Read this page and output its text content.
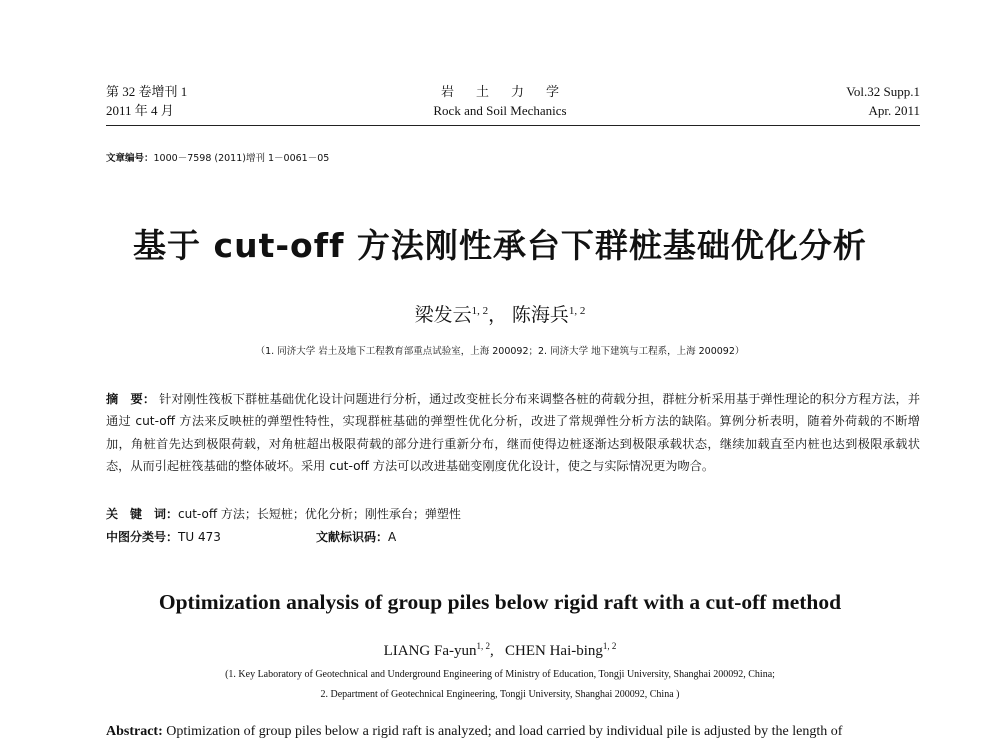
第 32 卷增刊 1
2011 年 4 月
岩土力学
Rock and Soil Mechanics
Vol.32 Supp.1
Apr. 2011
文章编号：1000－7598 (2011)增刊 1－0061－05
基于 cut-off 方法刚性承台下群桩基础优化分析
梁发云$^{1, 2}$， 陈海兵$^{1, 2}$
（1. 同济大学 岩土及地下工程教育部重点试验室，上海 200092；2. 同济大学 地下建筑与工程系，上海 200092）
摘　要： 针对刚性筏板下群桩基础优化设计问题进行分析，通过改变桩长分布来调整各桩的荷载分担，群桩分析采用基于弹性理论的积分方程方法，并通过 cut-off 方法来反映桩的弹塑性特性，实现群桩基础的弹塑性优化分析，改进了常规弹性分析方法的缺陷。算例分析表明，随着外荷载的不断增加，角桩首先达到极限荷载，对角桩超出极限荷载的部分进行重新分布，继而使得边桩逐渐达到极限承载状态，继续加载直至内桩也达到极限承载状态，从而引起桩筏基础的整体破坏。采用 cut-off 方法可以改进基础变刚度优化设计，使之与实际情况更为吻合。
关　键　词：cut-off 方法；长短桩；优化分析；刚性承台；弹塑性
中图分类号：TU 473	文献标识码：A
Optimization analysis of group piles below rigid raft with a cut-off method
LIANG Fa-yun$^{1, 2}$,   CHEN Hai-bing$^{1, 2}$
(1. Key Laboratory of Geotechnical and Underground Engineering of Ministry of Education, Tongji University, Shanghai 200092, China;
2. Department of Geotechnical Engineering, Tongji University, Shanghai 200092, China )
Abstract: Optimization of group piles below a rigid raft is analyzed; and load carried by individual pile is adjusted by the length of
